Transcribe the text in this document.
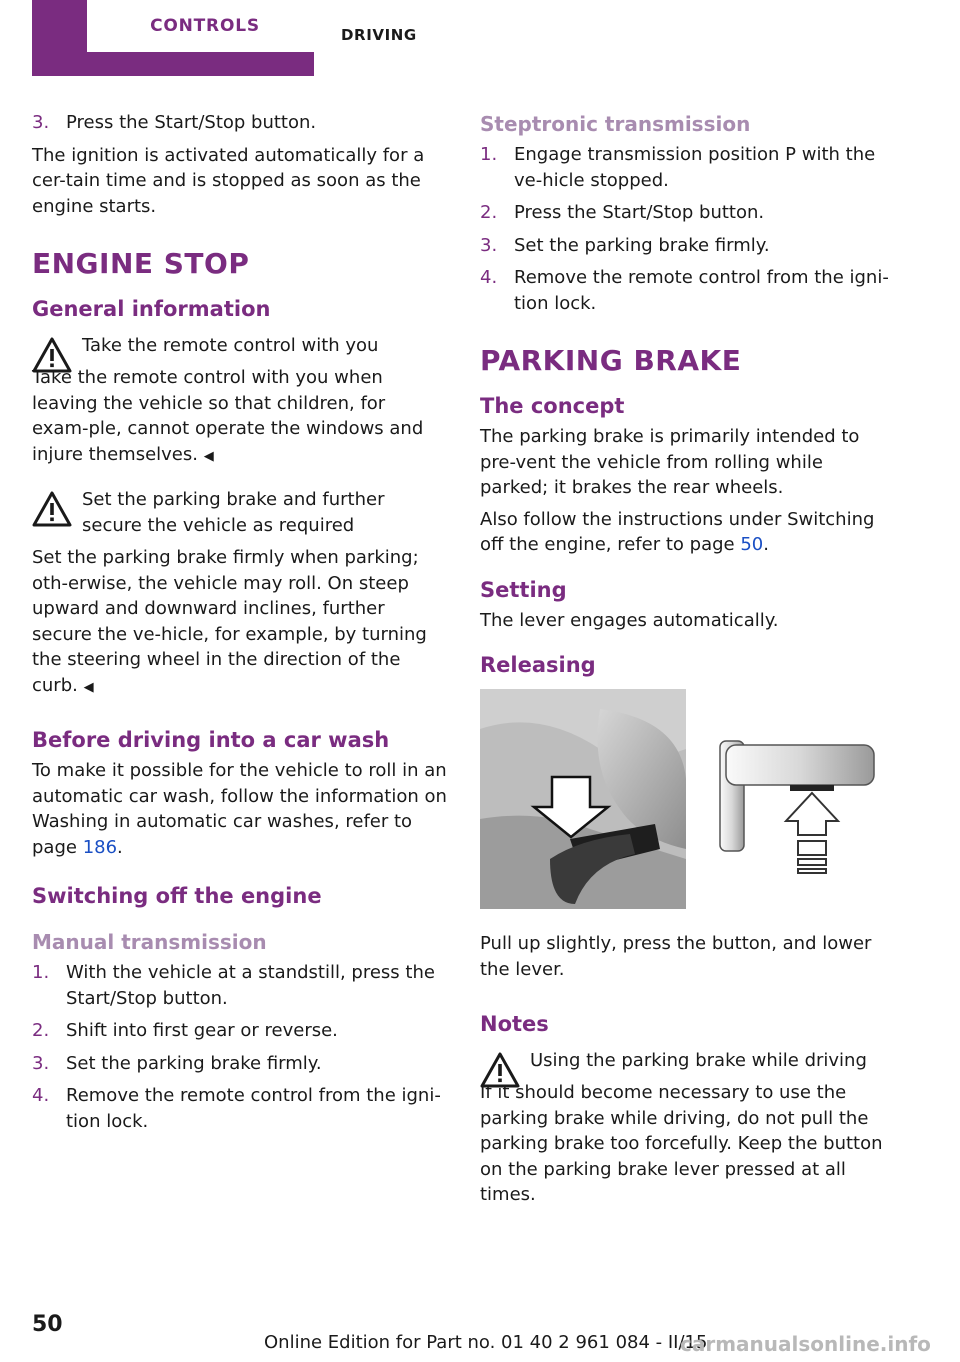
CONTROLS	DRIVING
3. Press the Start/Stop button.

The ignition is activated automatically for a cer-tain time and is stopped as soon as the engine starts.

ENGINE STOP
General information
Take the remote control with you
Take the remote control with you when leaving the vehicle so that children, for exam-ple, cannot operate the windows and injure themselves. ◀
Set the parking brake and further secure the vehicle as required
Set the parking brake firmly when parking; oth-erwise, the vehicle may roll. On steep upward and downward inclines, further secure the ve-hicle, for example, by turning the steering wheel in the direction of the curb. ◀
Before driving into a car wash

To make it possible for the vehicle to roll in an automatic car wash, follow the information on Washing in automatic car washes, refer to page 186.

Switching off the engine
Manual transmission
1. With the vehicle at a standstill, press the Start/Stop button.
2. Shift into first gear or reverse.
3. Set the parking brake firmly.
4. Remove the remote control from the igni-tion lock.
Steptronic transmission
1. Engage transmission position P with the ve-hicle stopped.
2. Press the Start/Stop button.
3. Set the parking brake firmly.
4. Remove the remote control from the igni-tion lock.
PARKING BRAKE
The concept

The parking brake is primarily intended to pre-vent the vehicle from rolling while parked; it brakes the rear wheels.

Also follow the instructions under Switching off the engine, refer to page 50.

Setting

The lever engages automatically.

Releasing

Pull up slightly, press the button, and lower the lever.

Notes
Using the parking brake while driving
If it should become necessary to use the parking brake while driving, do not pull the parking brake too forcefully. Keep the button on the parking brake lever pressed at all times.
50
Online Edition for Part no. 01 40 2 961 084 - II/15
carmanualsonline.info
